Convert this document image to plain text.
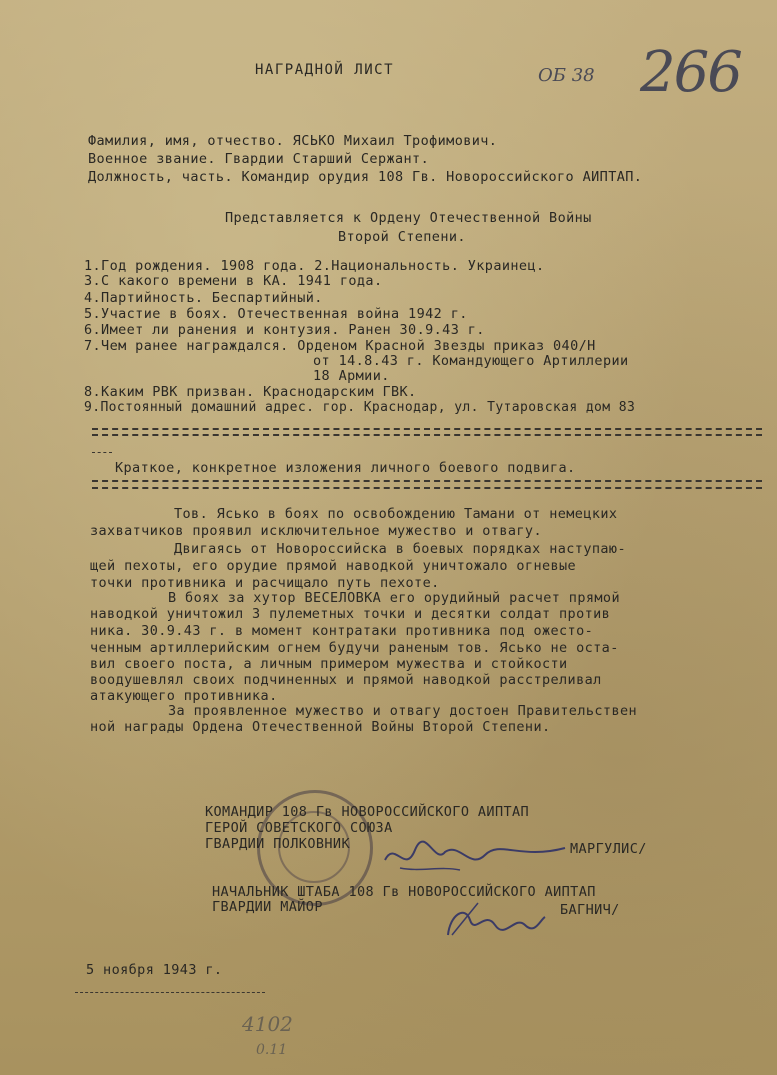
НАГРАДНОЙ ЛИСТ	ОБ 38 266
Фамилия, имя, отчество. ЯСЬКО Михаил Трофимович.
Военное звание. Гвардии Старший Сержант.
Должность, часть. Командир орудия 108 Гв. Новороссийского АИПТАП.
Представляется к Ордену Отечественной Войны
Второй Степени.
1.Год рождения. 1908 года. 2.Национальность. Украинец.
3.С какого времени в КА. 1941 года.
4.Партийность. Беспартийный.
5.Участие в боях. Отечественная война 1942 г.
6.Имеет ли ранения и контузия. Ранен 30.9.43 г.
7.Чем ранее награждался. Орденом Красной Звезды приказ 040/Н
от 14.8.43 г. Командующего Артиллерии
18 Армии.
8.Каким РВК призван. Краснодарским ГВК.
9.Постоянный домашний адрес. гор. Краснодар, ул. Тутаровская дом 83
Краткое, конкретное изложения личного боевого подвига.
Тов. Ясько в боях по освобождению Тамани от немецких
захватчиков проявил исключительное мужество и отвагу.
Двигаясь от Новороссийска в боевых порядках наступаю-
щей пехоты, его орудие прямой наводкой уничтожало огневые
точки противника и расчищало путь пехоте.
В боях за хутор ВЕСЕЛОВКА его орудийный расчет прямой
наводкой уничтожил 3 пулеметных точки и десятки солдат против
ника. 30.9.43 г. в момент контратаки противника под ожесто-
ченным артиллерийским огнем будучи раненым тов. Ясько не оста-
вил своего поста, а личным примером мужества и стойкости
воодушевлял своих подчиненных и прямой наводкой расстреливал
атакующего противника.
За проявленное мужество и отвагу достоен Правительствен
ной награды Ордена Отечественной Войны Второй Степени.
КОМАНДИР 108 Гв НОВОРОССИЙСКОГО АИПТАП
ГЕРОЙ СОВЕТСКОГО СОЮЗА
ГВАРДИИ ПОЛКОВНИК	МАРГУЛИС/
НАЧАЛЬНИК ШТАБА 108 Гв НОВОРОССИЙСКОГО АИПТАП
ГВАРДИИ МАЙОР	БАГНИЧ/
5 ноября 1943 г.
4102
0.11
